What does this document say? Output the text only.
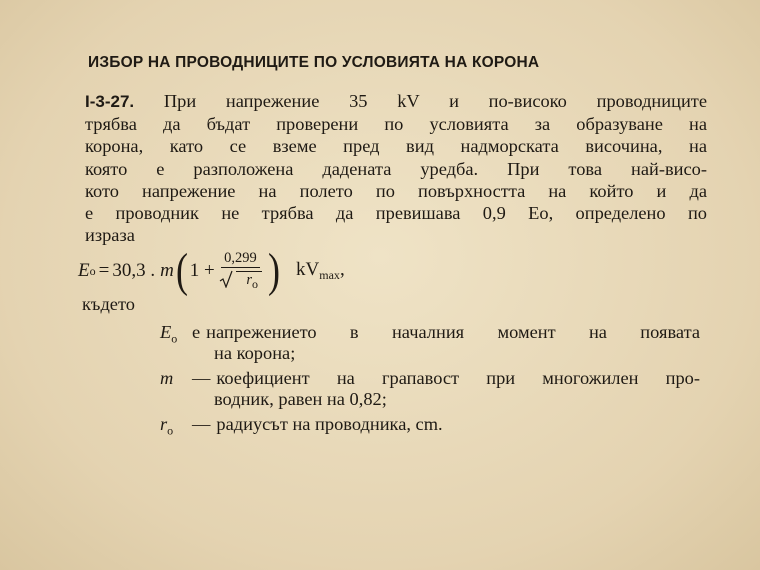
ИЗБОР НА ПРОВОДНИЦИТЕ ПО УСЛОВИЯТА НА КОРОНА
I-3-27. При напрежение 35 kV и по-високо проводниците
трябва да бъдат проверени по условията за образуване на
корона, като се вземе пред вид надморската височина, на
която е разположена дадената уредба. При това най-висо-
кото напрежение на полето по повърхността на който и да
е проводник не трябва да превишава 0,9 Eо, определено по
израза
E o = 30,3 . m ( $1 + \frac{0,299}{r_o}$ ) $kV_{max}$,
където
$E_o$ е напрежението в началния момент на появата
на корона;
m — коефициент на грапавост при многожилен про-
водник, равен на 0,82;
$r_o$ — радиусът на проводника, cm.
